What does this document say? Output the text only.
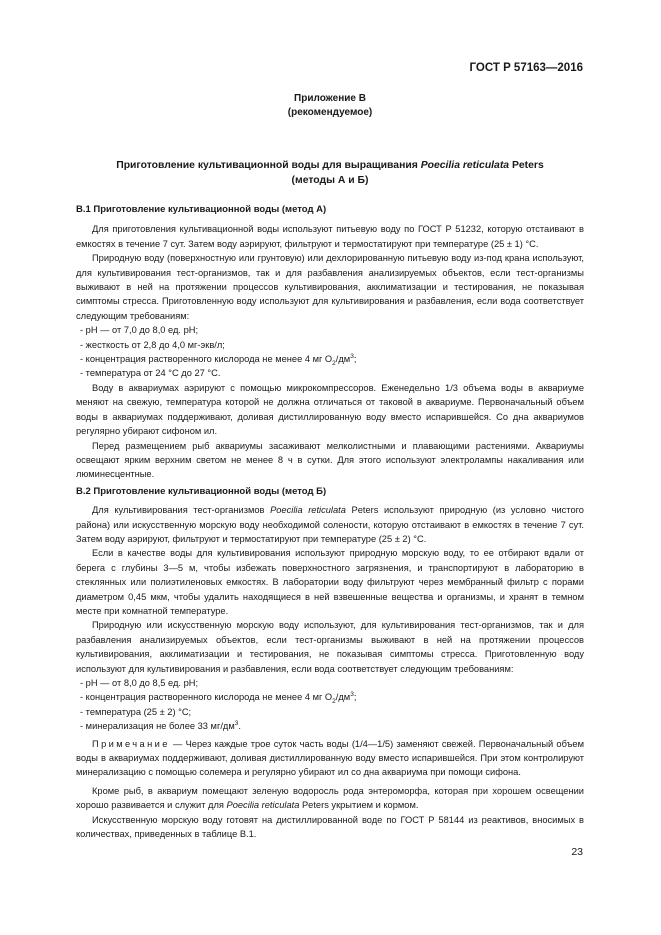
ГОСТ Р 57163—2016
Приложение В
(рекомендуемое)
Приготовление культивационной воды для выращивания Poecilia reticulata Peters
(методы А и Б)
В.1 Приготовление культивационной воды (метод А)

Для приготовления культивационной воды используют питьевую воду по ГОСТ Р 51232, которую отстаивают в емкостях в течение 7 сут. Затем воду аэрируют, фильтруют и термостатируют при температуре (25 ± 1) °С.

Природную воду (поверхностную или грунтовую) или дехлорированную питьевую воду из-под крана используют, для культивирования тест-организмов, так и для разбавления анализируемых объектов, если тест-организмы выживают в ней на протяжении процессов культивирования, акклиматизации и тестирования, не показывая симптомы стресса. Приготовленную воду используют для культивирования и разбавления, если вода соответствует следующим требованиям:

- pH — от 7,0 до 8,0 ед. pH;

- жесткость от 2,8 до 4,0 мг-экв/л;

- концентрация растворенного кислорода не менее 4 мг $O_2/дм^3$;

- температура от 24 °С до 27 °С.

Воду в аквариумах аэрируют с помощью микрокомпрессоров. Еженедельно 1/3 объема воды в аквариуме меняют на свежую, температура которой не должна отличаться от таковой в аквариуме. Первоначальный объем воды в аквариумах поддерживают, доливая дистиллированную воду вместо испарившейся. Со дна аквариумов регулярно убирают сифоном ил.

Перед размещением рыб аквариумы засаживают мелколистными и плавающими растениями. Аквариумы освещают ярким верхним светом не менее 8 ч в сутки. Для этого используют электролампы накаливания или люминесцентные.

В.2 Приготовление культивационной воды (метод Б)

Для культивирования тест-организмов Poecilia reticulata Peters используют природную (из условно чистого района) или искусственную морскую воду необходимой солености, которую отстаивают в емкостях в течение 7 сут. Затем воду аэрируют, фильтруют и термостатируют при температуре (25 ± 2) °С.

Если в качестве воды для культивирования используют природную морскую воду, то ее отбирают вдали от берега с глубины 3—5 м, чтобы избежать поверхностного загрязнения, и транспортируют в лабораторию в стеклянных или полиэтиленовых емкостях. В лаборатории воду фильтруют через мембранный фильтр с порами диаметром 0,45 мкм, чтобы удалить находящиеся в ней взвешенные вещества и организмы, и хранят в темном месте при комнатной температуре.

Природную или искусственную морскую воду используют, для культивирования тест-организмов, так и для разбавления анализируемых объектов, если тест-организмы выживают в ней на протяжении процессов культивирования, акклиматизации и тестирования, не показывая симптомы стресса. Приготовленную воду используют для культивирования и разбавления, если вода соответствует следующим требованиям:

- pH — от 8,0 до 8,5 ед. pH;

- концентрация растворенного кислорода не менее 4 мг $O_2/дм^3$;

- температура (25 ± 2) °С;

- минерализация не более 33 $мг/дм^3$.

Примечание — Через каждые трое суток часть воды (1/4—1/5) заменяют свежей. Первоначальный объем воды в аквариумах поддерживают, доливая дистиллированную воду вместо испарившейся. При этом контролируют минерализацию с помощью солемера и регулярно убирают ил со дна аквариума при помощи сифона.

Кроме рыб, в аквариум помещают зеленую водоросль рода энтероморфа, которая при хорошем освещении хорошо развивается и служит для Poecilia reticulata Peters укрытием и кормом.

Искусственную морскую воду готовят на дистиллированной воде по ГОСТ Р 58144 из реактивов, вносимых в количествах, приведенных в таблице В.1.

23
